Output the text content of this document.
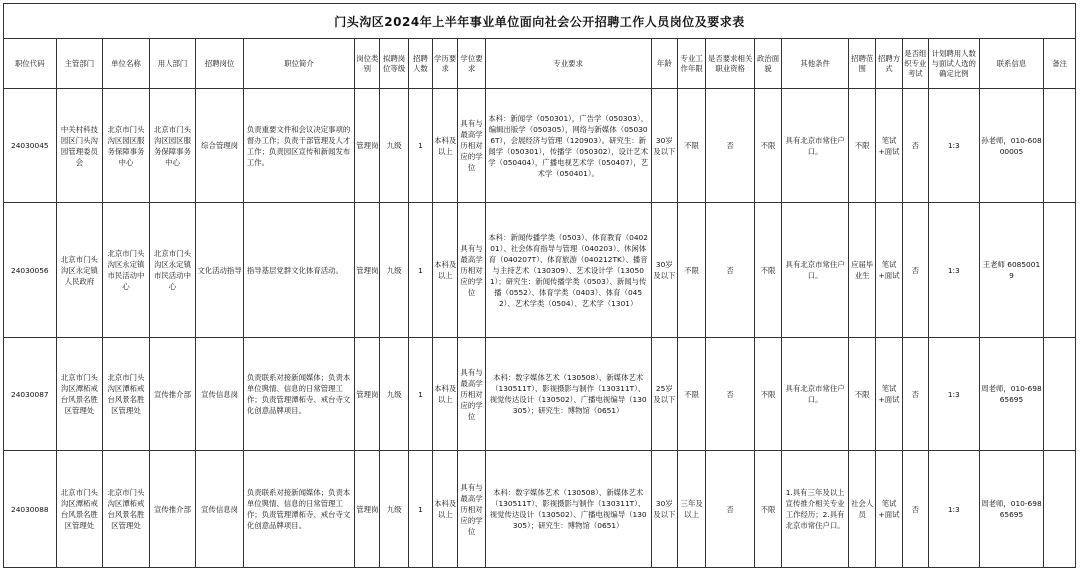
门头沟区2024年上半年事业单位面向社会公开招聘工作人员岗位及要求表																						
职位代码	主管部门	单位名称	用人部门	招聘岗位	职位简介	岗位类别	拟聘岗位等级	招聘人数	学历要求	学位要求	专业要求	年龄	专业工作年限	是否要求相关职业资格	政治面貌	其他条件	招聘范围	招聘方式	是否组织专业考试	计划聘用人数与面试人选的确定比例	联系信息	备注
24030045	中关村科技园区门头沟园管理委员会	北京市门头沟区园区服务保障事务中心	北京市门头沟区园区服务保障事务中心	综合管理岗	负责重要文件和会议决定事项的督办工作；负责干部管理及人才工作；负责园区宣传和新闻发布工作。	管理岗	九级	1	本科及以上	具有与最高学历相对应的学位	本科：新闻学（050301），广告学（050303），编辑出版学（050305），网络与新媒体（050306T），会展经济与管理（120903）。研究生：新闻学（050301），传播学（050302），设计艺术学（050404），广播电视艺术学（050407），艺术学（050401）。	30岁及以下	不限	否	不限	具有北京市常住户口。	不限	笔试+面试	否	1:3	孙老师，010-60800005	
24030056	北京市门头沟区永定镇人民政府	北京市门头沟区永定镇市民活动中心	北京市门头沟区永定镇市民活动中心	文化活动指导	指导基层党群文化体育活动。	管理岗	九级	1	本科及以上	具有与最高学历相对应的学位	本科：新闻传播学类（0503）、体育教育（040201）、社会体育指导与管理（040203）、休闲体育（040207T）、体育旅游（040212TK）、播音与主持艺术（130309）、艺术设计学（130501）；研究生：新闻传播学类（0503）、新闻与传播（0552）、体育学类（0403）、体育（0452）、艺术学类（0504）、艺术学（1301）	30岁及以下	不限	否	不限	具有北京市常住户口。	应届毕业生	笔试+面试	否	1:3	王老师 60850019	
24030087	北京市门头沟区潭柘戒台风景名胜区管理处	北京市门头沟区潭柘戒台风景名胜区管理处	宣传推介部	宣传信息岗	负责联系对接新闻媒体；负责本单位舆情、信息的日常管理工作；负责管理潭柘寺、戒台寺文化创意品牌项目。	管理岗	九级	1	本科及以上	具有与最高学历相对应的学位	本科：数字媒体艺术（130508）、新媒体艺术（130511T）、影视摄影与制作（130311T）、视觉传达设计（130502）、广播电视编导（130305）；研究生：博物馆（0651）	25岁及以下	不限	否	不限	具有北京市常住户口。	不限	笔试+面试	否	1:3	周老师，010-69865695	
24030088	北京市门头沟区潭柘戒台风景名胜区管理处	北京市门头沟区潭柘戒台风景名胜区管理处	宣传推介部	宣传信息岗	负责联系对接新闻媒体；负责本单位舆情、信息的日常管理工作；负责管理潭柘寺、戒台寺文化创意品牌项目。	管理岗	九级	1	本科及以上	具有与最高学历相对应的学位	本科：数字媒体艺术（130508）、新媒体艺术（130511T）、影视摄影与制作（130311T）、视觉传达设计（130502）、广播电视编导（130305）；研究生：博物馆（0651）	30岁及以下	三年及以上	否	不限	1.具有三年及以上宣传推介相关专业工作经历；2.具有北京市常住户口。	社会人员	笔试+面试	否	1:3	周老师，010-69865695	
